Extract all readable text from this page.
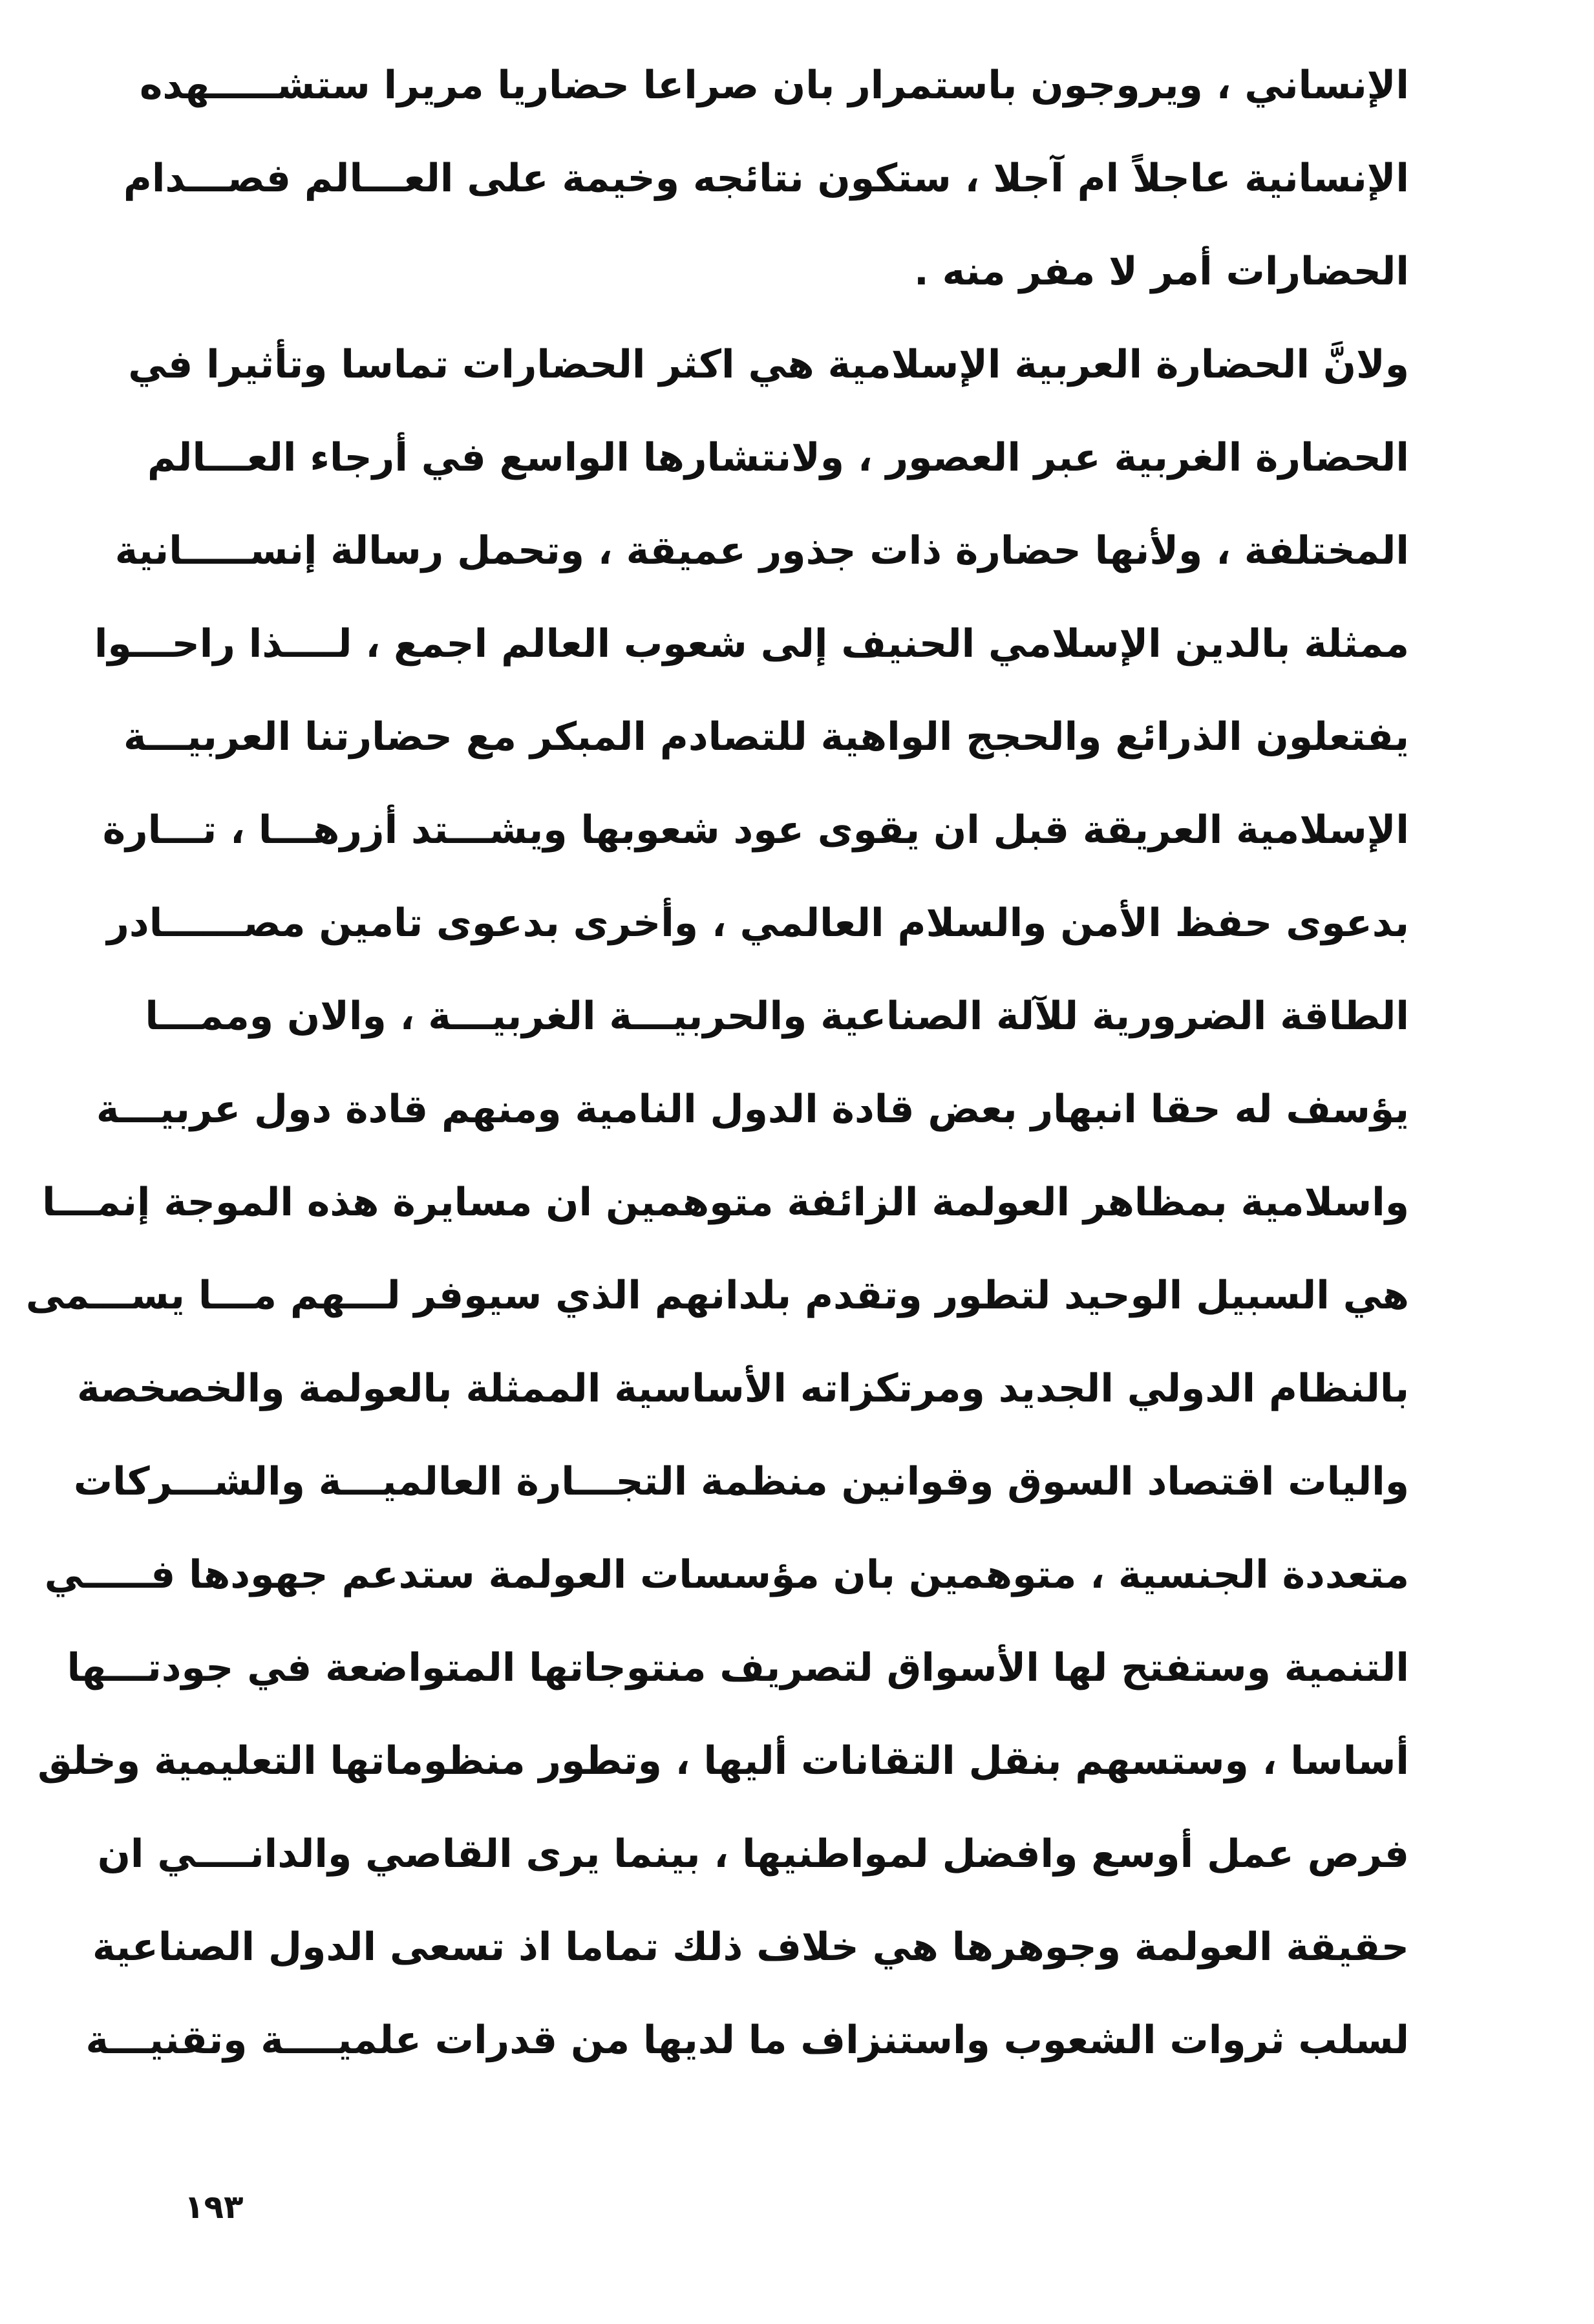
الإنساني ، ويروجون باستمرار بان صراعا حضاريا مريرا ستشـــــهده
الإنسانية عاجلاً ام آجلا ، ستكون نتائجه وخيمة على العـــالم فصـــدام
الحضارات أمر لا مفر منه .
ولانَّ الحضارة العربية الإسلامية هي اكثر الحضارات تماسا وتأثيرا في
الحضارة الغربية عبر العصور ، ولانتشارها الواسع في أرجاء العـــالم
المختلفة ، ولأنها حضارة ذات جذور عميقة ، وتحمل رسالة إنســـــانية
ممثلة بالدين الإسلامي الحنيف إلى شعوب العالم اجمع ، لــــذا راحـــوا
يفتعلون الذرائع والحجج الواهية للتصادم المبكر مع حضارتنا العربيـــة
الإسلامية العريقة قبل ان يقوى عود شعوبها ويشـــتد أزرهـــا ، تـــارة
بدعوى حفظ الأمن والسلام العالمي ، وأخرى بدعوى تامين مصــــــادر
الطاقة الضرورية للآلة الصناعية والحربيـــة الغربيـــة ، والان وممـــا
يؤسف له حقا انبهار بعض قادة الدول النامية ومنهم قادة دول عربيـــة
واسلامية بمظاهر العولمة الزائفة متوهمين ان مسايرة هذه الموجة إنمـــا
هي السبيل الوحيد لتطور وتقدم بلدانهم الذي سيوفر لـــهم مـــا يســـمى
بالنظام الدولي الجديد ومرتكزاته الأساسية الممثلة بالعولمة والخصخصة
واليات اقتصاد السوق وقوانين منظمة التجـــارة العالميـــة والشـــركات
متعددة الجنسية ، متوهمين بان مؤسسات العولمة ستدعم جهودها فـــــي
التنمية وستفتح لها الأسواق لتصريف منتوجاتها المتواضعة في جودتـــها
أساسا ، وستسهم بنقل التقانات أليها ، وتطور منظوماتها التعليمية وخلق
فرص عمل أوسع وافضل لمواطنيها ، بينما يرى القاصي والدانــــي ان
حقيقة العولمة وجوهرها هي خلاف ذلك تماما اذ تسعى الدول الصناعية
لسلب ثروات الشعوب واستنزاف ما لديها من قدرات علميــــة وتقنيـــة
١٩٣
